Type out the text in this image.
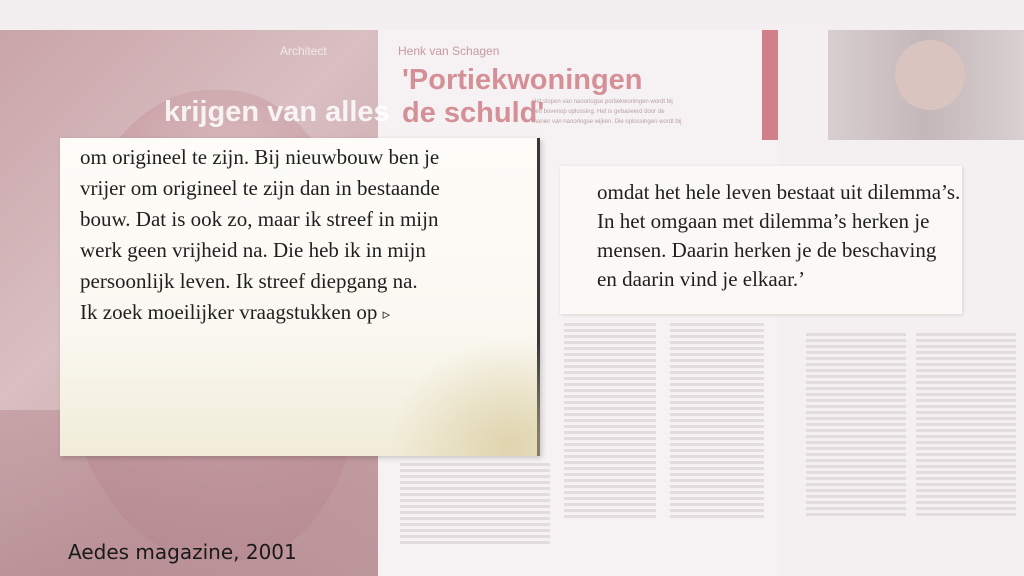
Architect	Henk van Schagen
'Portiekwoningen
de schuld'
krijgen van alles	Het slopen van naoorlogse portiekwoningen wordt bij hen bovenop oplossing. Het is gebaseerd door de manier van naoorlogse wijken. Die oplossingen wordt bij
om origineel te zijn. Bij nieuwbouw ben je
vrijer om origineel te zijn dan in bestaande
bouw. Dat is ook zo, maar ik streef in mijn
werk geen vrijheid na. Die heb ik in mijn
persoonlijk leven. Ik streef diepgang na.
Ik zoek moeilijker vraagstukken op ▹
omdat het hele leven bestaat uit dilemma’s.
In het omgaan met dilemma’s herken je
mensen. Daarin herken je de beschaving
en daarin vind je elkaar.’
Aedes magazine, 2001
